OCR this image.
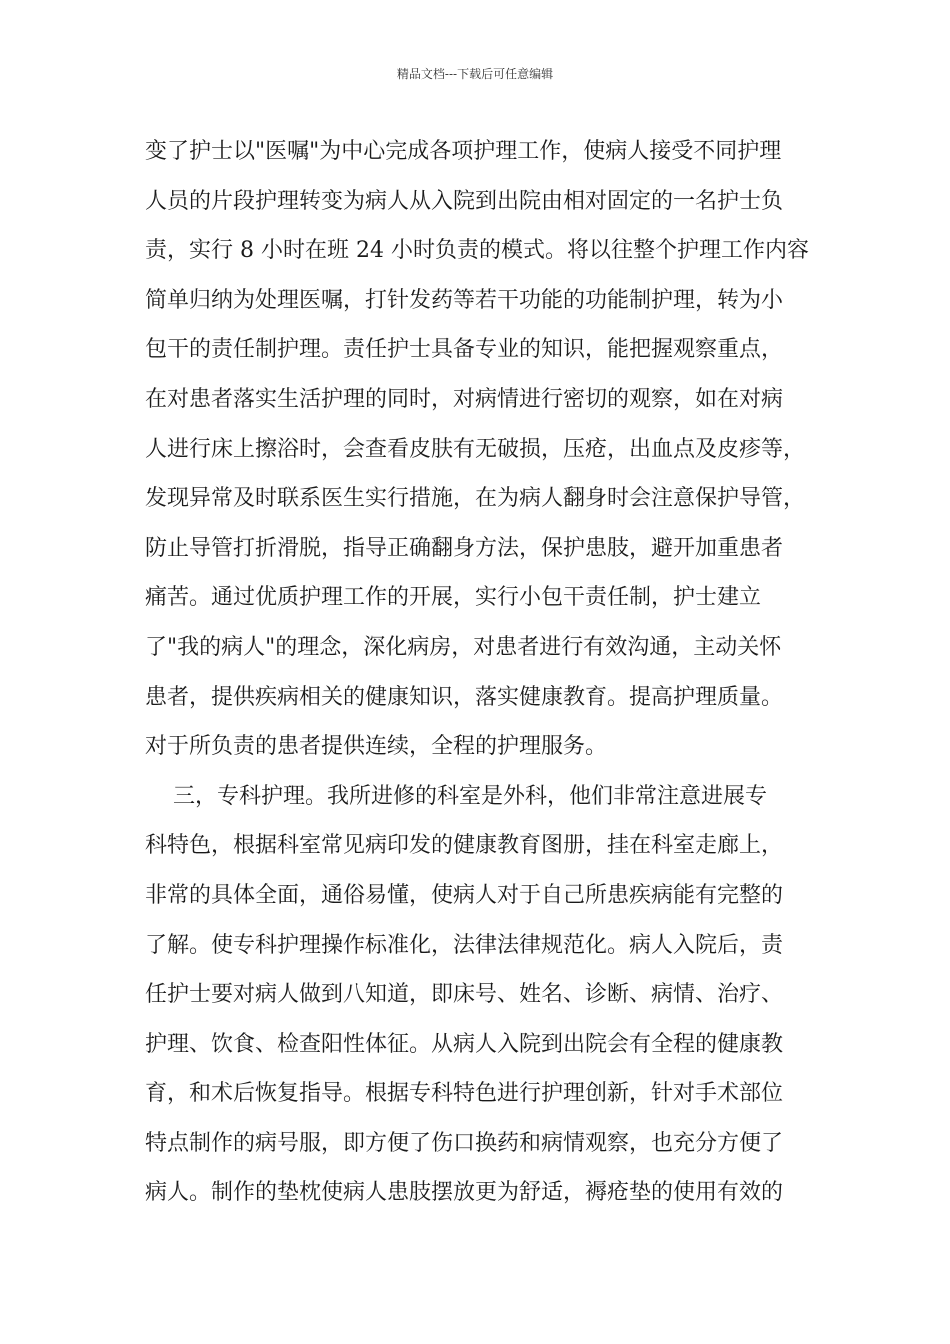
精品文档---下载后可任意编辑
变了护士以"医嘱"为中心完成各项护理工作，使病人接受不同护理
人员的片段护理转变为病人从入院到出院由相对固定的一名护士负
责，实行 8 小时在班 24 小时负责的模式。将以往整个护理工作内容
简单归纳为处理医嘱，打针发药等若干功能的功能制护理，转为小
包干的责任制护理。责任护士具备专业的知识，能把握观察重点，
在对患者落实生活护理的同时，对病情进行密切的观察，如在对病
人进行床上擦浴时，会查看皮肤有无破损，压疮，出血点及皮疹等，
发现异常及时联系医生实行措施，在为病人翻身时会注意保护导管，
防止导管打折滑脱，指导正确翻身方法，保护患肢，避开加重患者
痛苦。通过优质护理工作的开展，实行小包干责任制，护士建立
了"我的病人"的理念，深化病房，对患者进行有效沟通，主动关怀
患者，提供疾病相关的健康知识，落实健康教育。提高护理质量。
对于所负责的患者提供连续，全程的护理服务。
三，专科护理。我所进修的科室是外科，他们非常注意进展专
科特色，根据科室常见病印发的健康教育图册，挂在科室走廊上，
非常的具体全面，通俗易懂，使病人对于自己所患疾病能有完整的
了解。使专科护理操作标准化，法律法律规范化。病人入院后，责
任护士要对病人做到八知道，即床号、姓名、诊断、病情、治疗、
护理、饮食、检查阳性体征。从病人入院到出院会有全程的健康教
育，和术后恢复指导。根据专科特色进行护理创新，针对手术部位
特点制作的病号服，即方便了伤口换药和病情观察，也充分方便了
病人。制作的垫枕使病人患肢摆放更为舒适，褥疮垫的使用有效的
